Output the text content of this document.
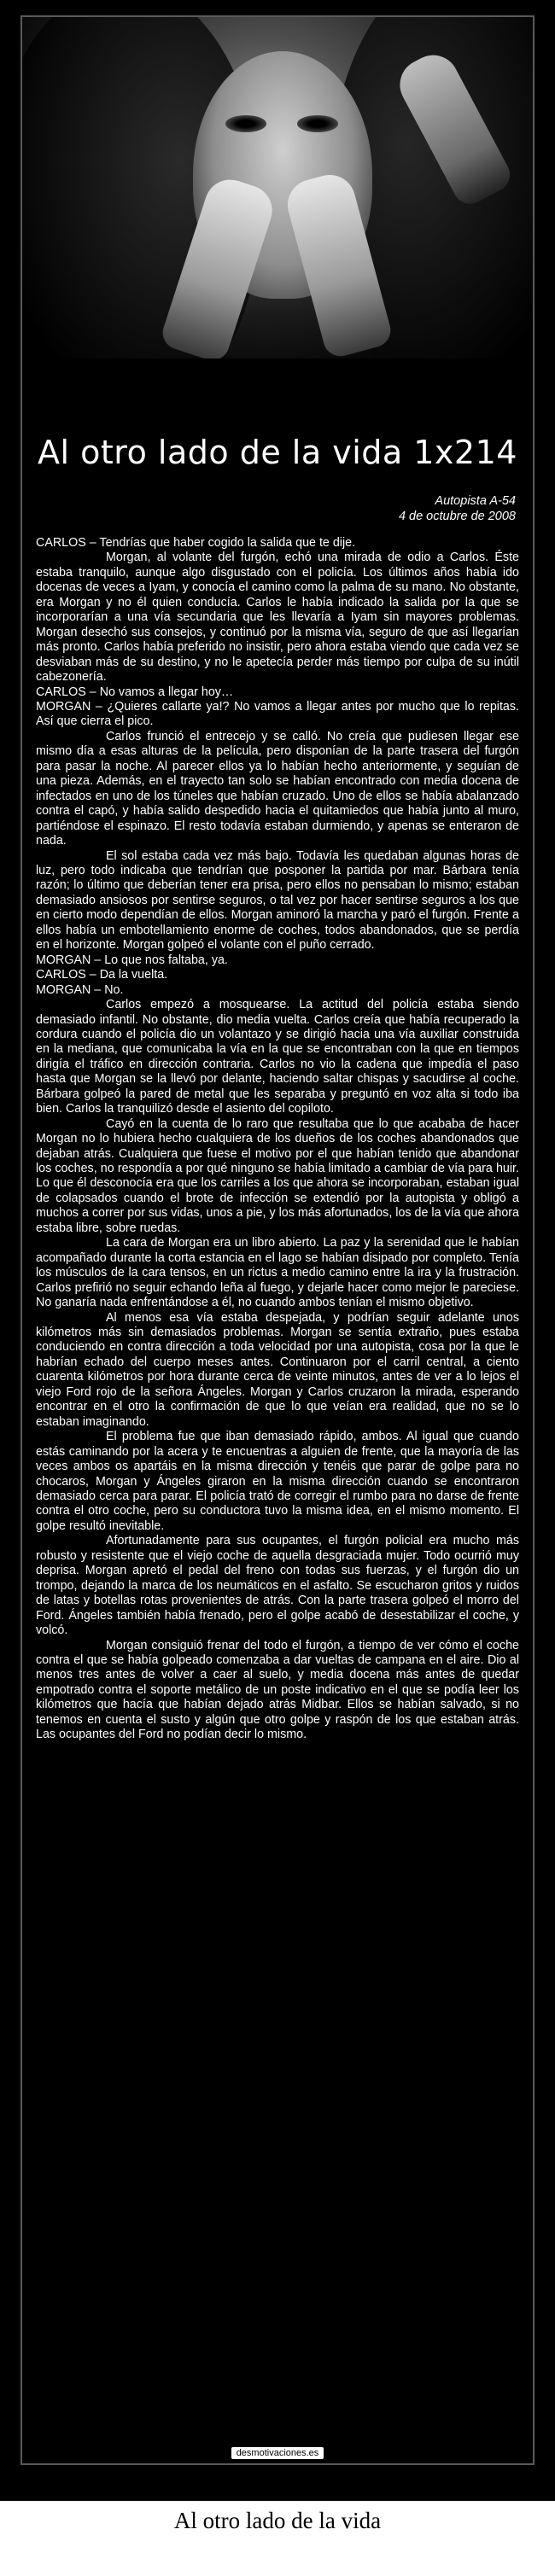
Al otro lado de la vida 1x214
Autopista A-54
4 de octubre de 2008

CARLOS – Tendrías que haber cogido la salida que te dije.

Morgan, al volante del furgón, echó una mirada de odio a Carlos. Éste estaba tranquilo, aunque algo disgustado con el policía. Los últimos años había ido docenas de veces a Iyam, y conocía el camino como la palma de su mano. No obstante, era Morgan y no él quien conducía. Carlos le había indicado la salida por la que se incorporarían a una vía secundaria que les llevaría a Iyam sin mayores problemas. Morgan desechó sus consejos, y continuó por la misma vía, seguro de que así llegarían más pronto. Carlos había preferido no insistir, pero ahora estaba viendo que cada vez se desviaban más de su destino, y no le apetecía perder más tiempo por culpa de su inútil cabezonería.

CARLOS – No vamos a llegar hoy…

MORGAN – ¿Quieres callarte ya!? No vamos a llegar antes por mucho que lo repitas. Así que cierra el pico.

Carlos frunció el entrecejo y se calló. No creía que pudiesen llegar ese mismo día a esas alturas de la película, pero disponían de la parte trasera del furgón para pasar la noche. Al parecer ellos ya lo habían hecho anteriormente, y seguían de una pieza. Además, en el trayecto tan solo se habían encontrado con media docena de infectados en uno de los túneles que habían cruzado. Uno de ellos se había abalanzado contra el capó, y había salido despedido hacia el quitamiedos que había junto al muro, partiéndose el espinazo. El resto todavía estaban durmiendo, y apenas se enteraron de nada.

El sol estaba cada vez más bajo. Todavía les quedaban algunas horas de luz, pero todo indicaba que tendrían que posponer la partida por mar. Bárbara tenía razón; lo último que deberían tener era prisa, pero ellos no pensaban lo mismo; estaban demasiado ansiosos por sentirse seguros, o tal vez por hacer sentirse seguros a los que en cierto modo dependían de ellos. Morgan aminoró la marcha y paró el furgón. Frente a ellos había un embotellamiento enorme de coches, todos abandonados, que se perdía en el horizonte. Morgan golpeó el volante con el puño cerrado.

MORGAN – Lo que nos faltaba, ya.

CARLOS – Da la vuelta.

MORGAN – No.

Carlos empezó a mosquearse. La actitud del policía estaba siendo demasiado infantil. No obstante, dio media vuelta. Carlos creía que había recuperado la cordura cuando el policía dio un volantazo y se dirigió hacia una vía auxiliar construida en la mediana, que comunicaba la vía en la que se encontraban con la que en tiempos dirigía el tráfico en dirección contraria. Carlos no vio la cadena que impedía el paso hasta que Morgan se la llevó por delante, haciendo saltar chispas y sacudirse al coche. Bárbara golpeó la pared de metal que les separaba y preguntó en voz alta si todo iba bien. Carlos la tranquilizó desde el asiento del copiloto.

Cayó en la cuenta de lo raro que resultaba que lo que acababa de hacer Morgan no lo hubiera hecho cualquiera de los dueños de los coches abandonados que dejaban atrás. Cualquiera que fuese el motivo por el que habían tenido que abandonar los coches, no respondía a por qué ninguno se había limitado a cambiar de vía para huir. Lo que él desconocía era que los carriles a los que ahora se incorporaban, estaban igual de colapsados cuando el brote de infección se extendió por la autopista y obligó a muchos a correr por sus vidas, unos a pie, y los más afortunados, los de la vía que ahora estaba libre, sobre ruedas.

La cara de Morgan era un libro abierto. La paz y la serenidad que le habían acompañado durante la corta estancia en el lago se habían disipado por completo. Tenía los músculos de la cara tensos, en un rictus a medio camino entre la ira y la frustración. Carlos prefirió no seguir echando leña al fuego, y dejarle hacer como mejor le pareciese. No ganaría nada enfrentándose a él, no cuando ambos tenían el mismo objetivo.

Al menos esa vía estaba despejada, y podrían seguir adelante unos kilómetros más sin demasiados problemas. Morgan se sentía extraño, pues estaba conduciendo en contra dirección a toda velocidad por una autopista, cosa por la que le habrían echado del cuerpo meses antes. Continuaron por el carril central, a ciento cuarenta kilómetros por hora durante cerca de veinte minutos, antes de ver a lo lejos el viejo Ford rojo de la señora Ángeles. Morgan y Carlos cruzaron la mirada, esperando encontrar en el otro la confirmación de que lo que veían era realidad, que no se lo estaban imaginando.

El problema fue que iban demasiado rápido, ambos. Al igual que cuando estás caminando por la acera y te encuentras a alguien de frente, que la mayoría de las veces ambos os apartáis en la misma dirección y tenéis que parar de golpe para no chocaros, Morgan y Ángeles giraron en la misma dirección cuando se encontraron demasiado cerca para parar. El policía trató de corregir el rumbo para no darse de frente contra el otro coche, pero su conductora tuvo la misma idea, en el mismo momento. El golpe resultó inevitable.

Afortunadamente para sus ocupantes, el furgón policial era mucho más robusto y resistente que el viejo coche de aquella desgraciada mujer. Todo ocurrió muy deprisa. Morgan apretó el pedal del freno con todas sus fuerzas, y el furgón dio un trompo, dejando la marca de los neumáticos en el asfalto. Se escucharon gritos y ruidos de latas y botellas rotas provenientes de atrás. Con la parte trasera golpeó el morro del Ford. Ángeles también había frenado, pero el golpe acabó de desestabilizar el coche, y volcó.

Morgan consiguió frenar del todo el furgón, a tiempo de ver cómo el coche contra el que se había golpeado comenzaba a dar vueltas de campana en el aire. Dio al menos tres antes de volver a caer al suelo, y media docena más antes de quedar empotrado contra el soporte metálico de un poste indicativo en el que se podía leer los kilómetros que hacía que habían dejado atrás Midbar. Ellos se habían salvado, si no tenemos en cuenta el susto y algún que otro golpe y raspón de los que estaban atrás. Las ocupantes del Ford no podían decir lo mismo.

desmotivaciones.es
Al otro lado de la vida
